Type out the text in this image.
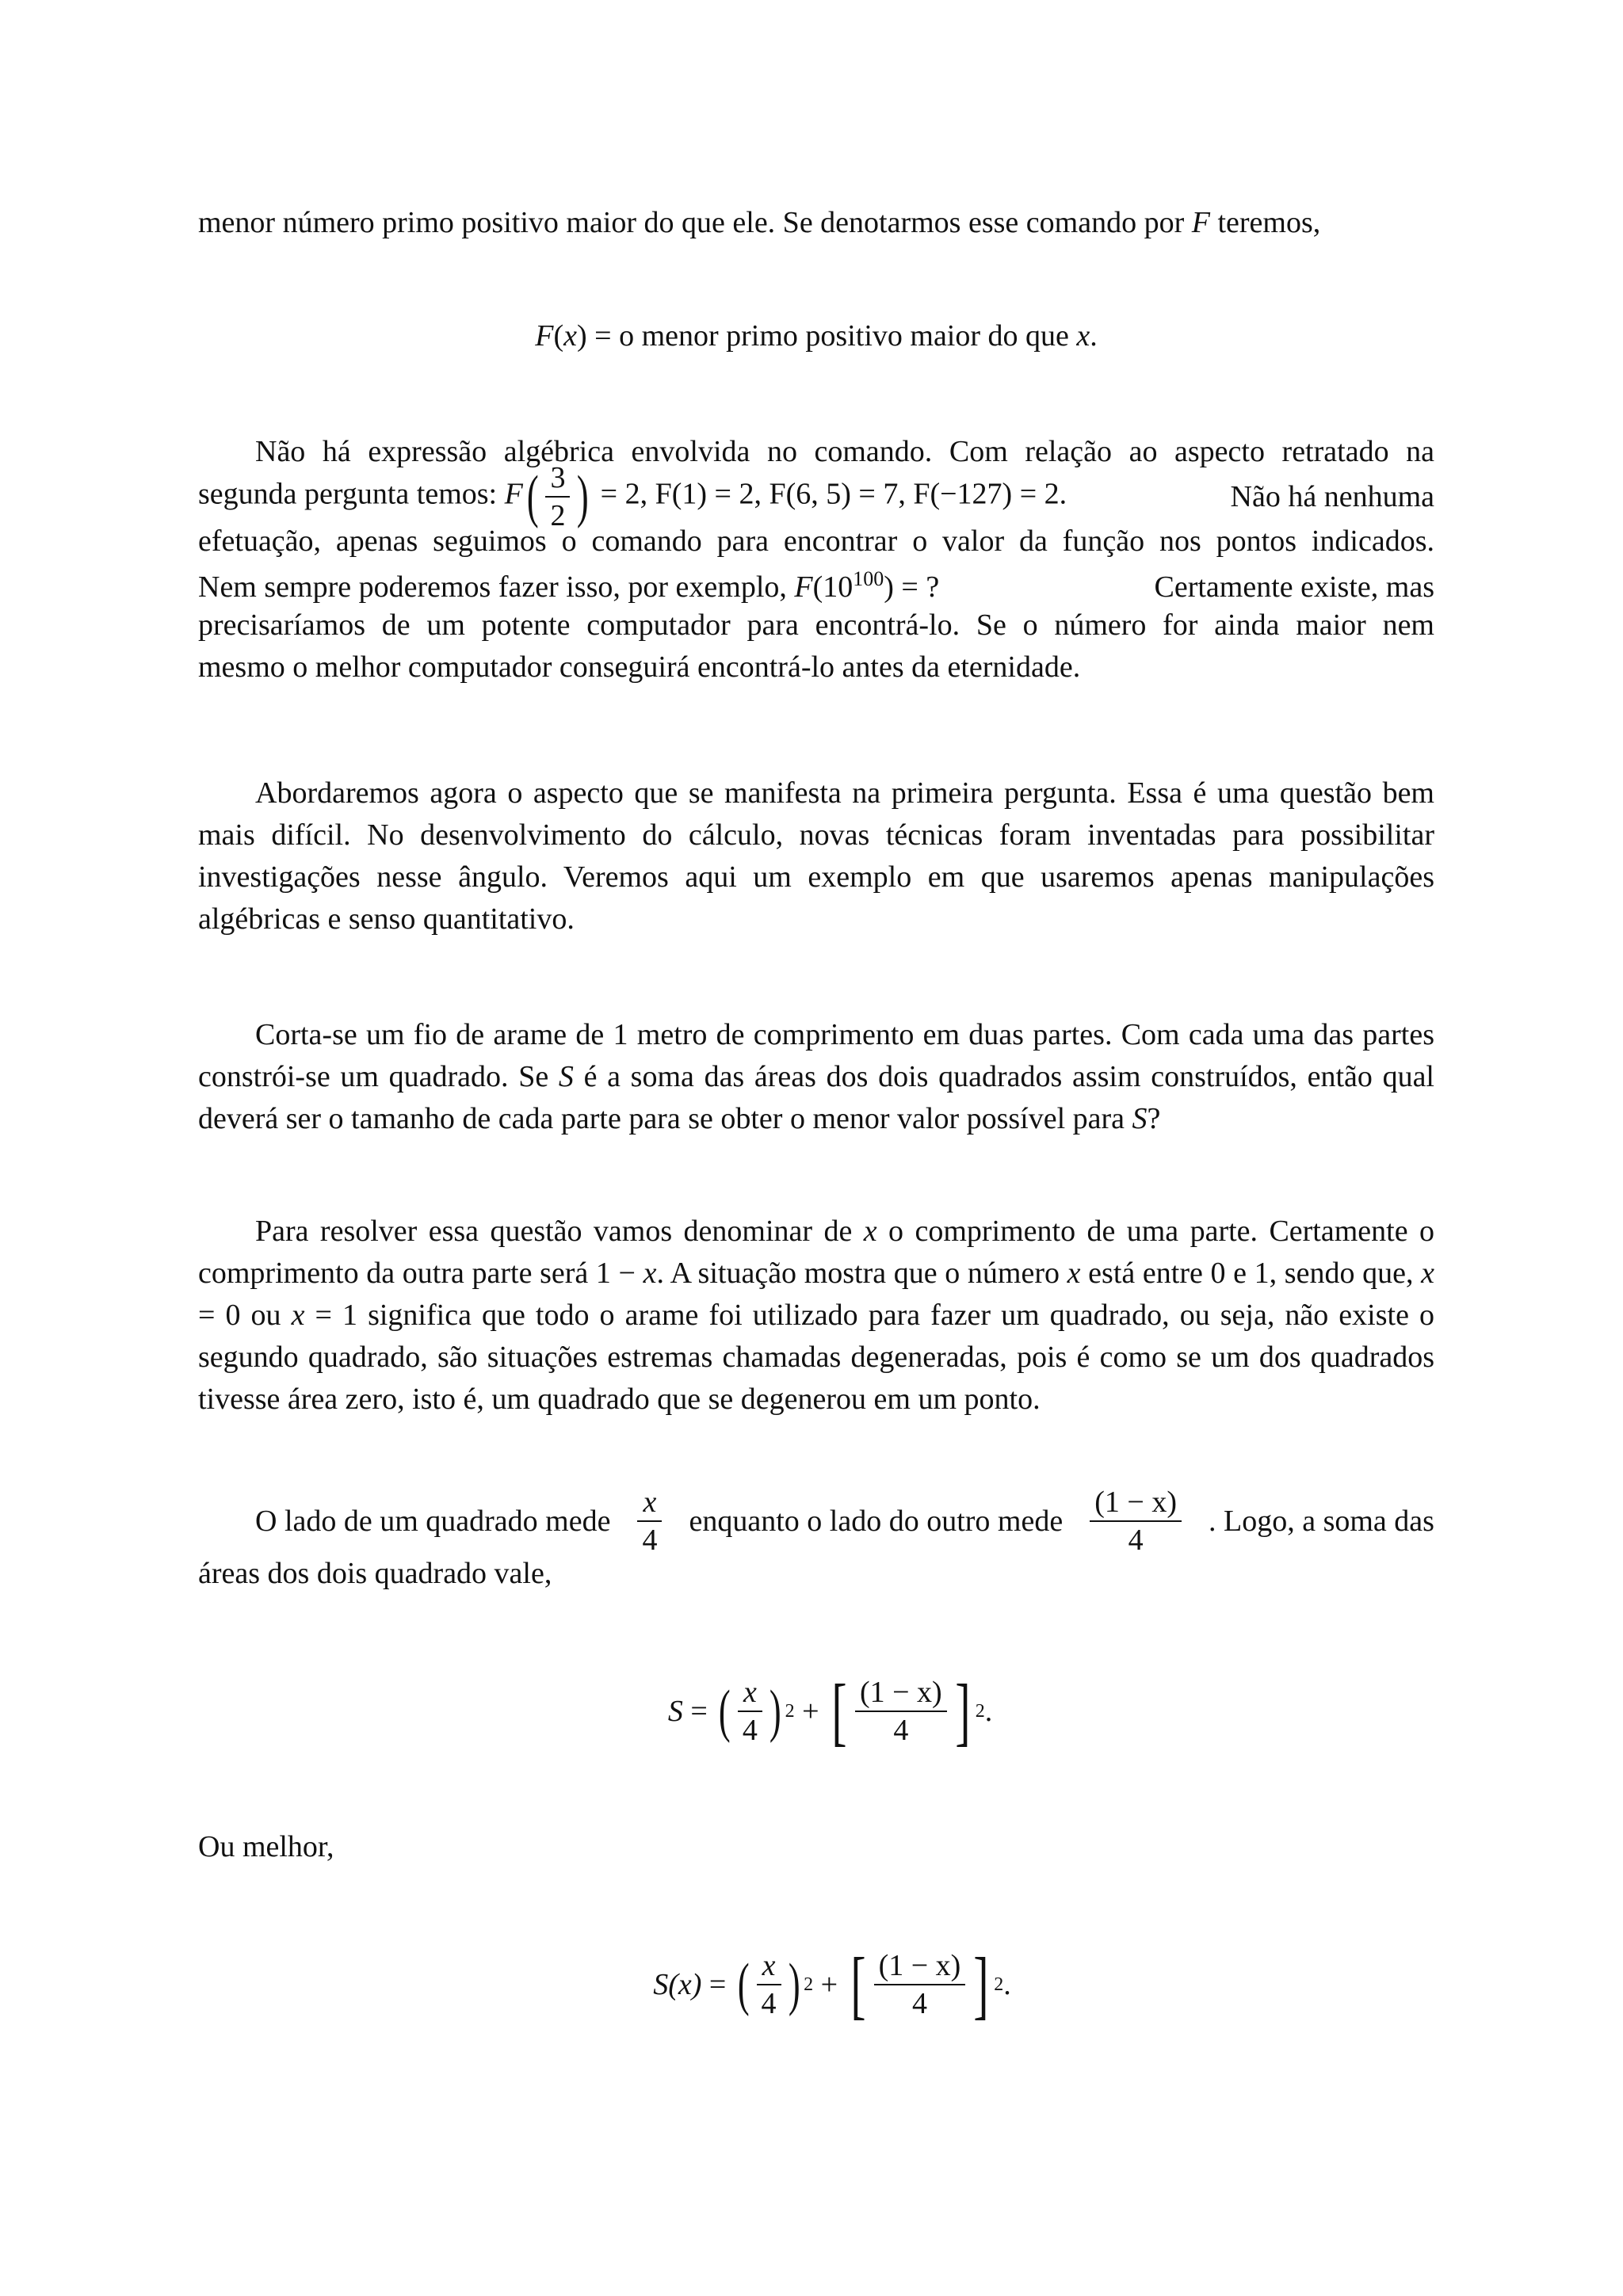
menor número primo positivo maior do que ele. Se denotarmos esse comando por F teremos,

F(x) = o menor primo positivo maior do que x.

Não há expressão algébrica envolvida no comando. Com relação ao aspecto retratado na

segunda pergunta temos: $F( \frac{3}{2}$ ) = 2, F(1) = 2, F(6, 5) = 7, F(−127) = 2.	Não há nenhuma

efetuação, apenas seguimos o comando para encontrar o valor da função nos pontos indicados.

Nem sempre poderemos fazer isso, por exemplo, $F(10^{100})$ = ?	Certamente existe, mas

precisaríamos de um potente computador para encontrá-lo. Se o número for ainda maior nem

mesmo o melhor computador conseguirá encontrá-lo antes da eternidade.

Abordaremos agora o aspecto que se manifesta na primeira pergunta. Essa é uma questão bem mais difícil. No desenvolvimento do cálculo, novas técnicas foram inventadas para possibilitar investigações nesse ângulo. Veremos aqui um exemplo em que usaremos apenas manipulações algébricas e senso quantitativo.

Corta-se um fio de arame de 1 metro de comprimento em duas partes. Com cada uma das partes constrói-se um quadrado. Se S é a soma das áreas dos dois quadrados assim construídos, então qual deverá ser o tamanho de cada parte para se obter o menor valor possível para S?

Para resolver essa questão vamos denominar de x o comprimento de uma parte. Certamente o comprimento da outra parte será 1 − x. A situação mostra que o número x está entre 0 e 1, sendo que, x = 0 ou x = 1 significa que todo o arame foi utilizado para fazer um quadrado, ou seja, não existe o segundo quadrado, são situações estremas chamadas degeneradas, pois é como se um dos quadrados tivesse área zero, isto é, um quadrado que se degenerou em um ponto.

O lado de um quadrado mede $\frac{x}{4}$ enquanto o lado do outro mede $\frac{(1 - x)}{4}$ . Logo, a soma das

áreas dos dois quadrado vale,

S = ( $\frac{x}{4}$ ) 2 + [ $\frac{(1 - x)}{4}$ ] 2 .

Ou melhor,

S(x) = ( $\frac{x}{4}$ ) 2 + [ $\frac{(1 - x)}{4}$ ] 2 .
